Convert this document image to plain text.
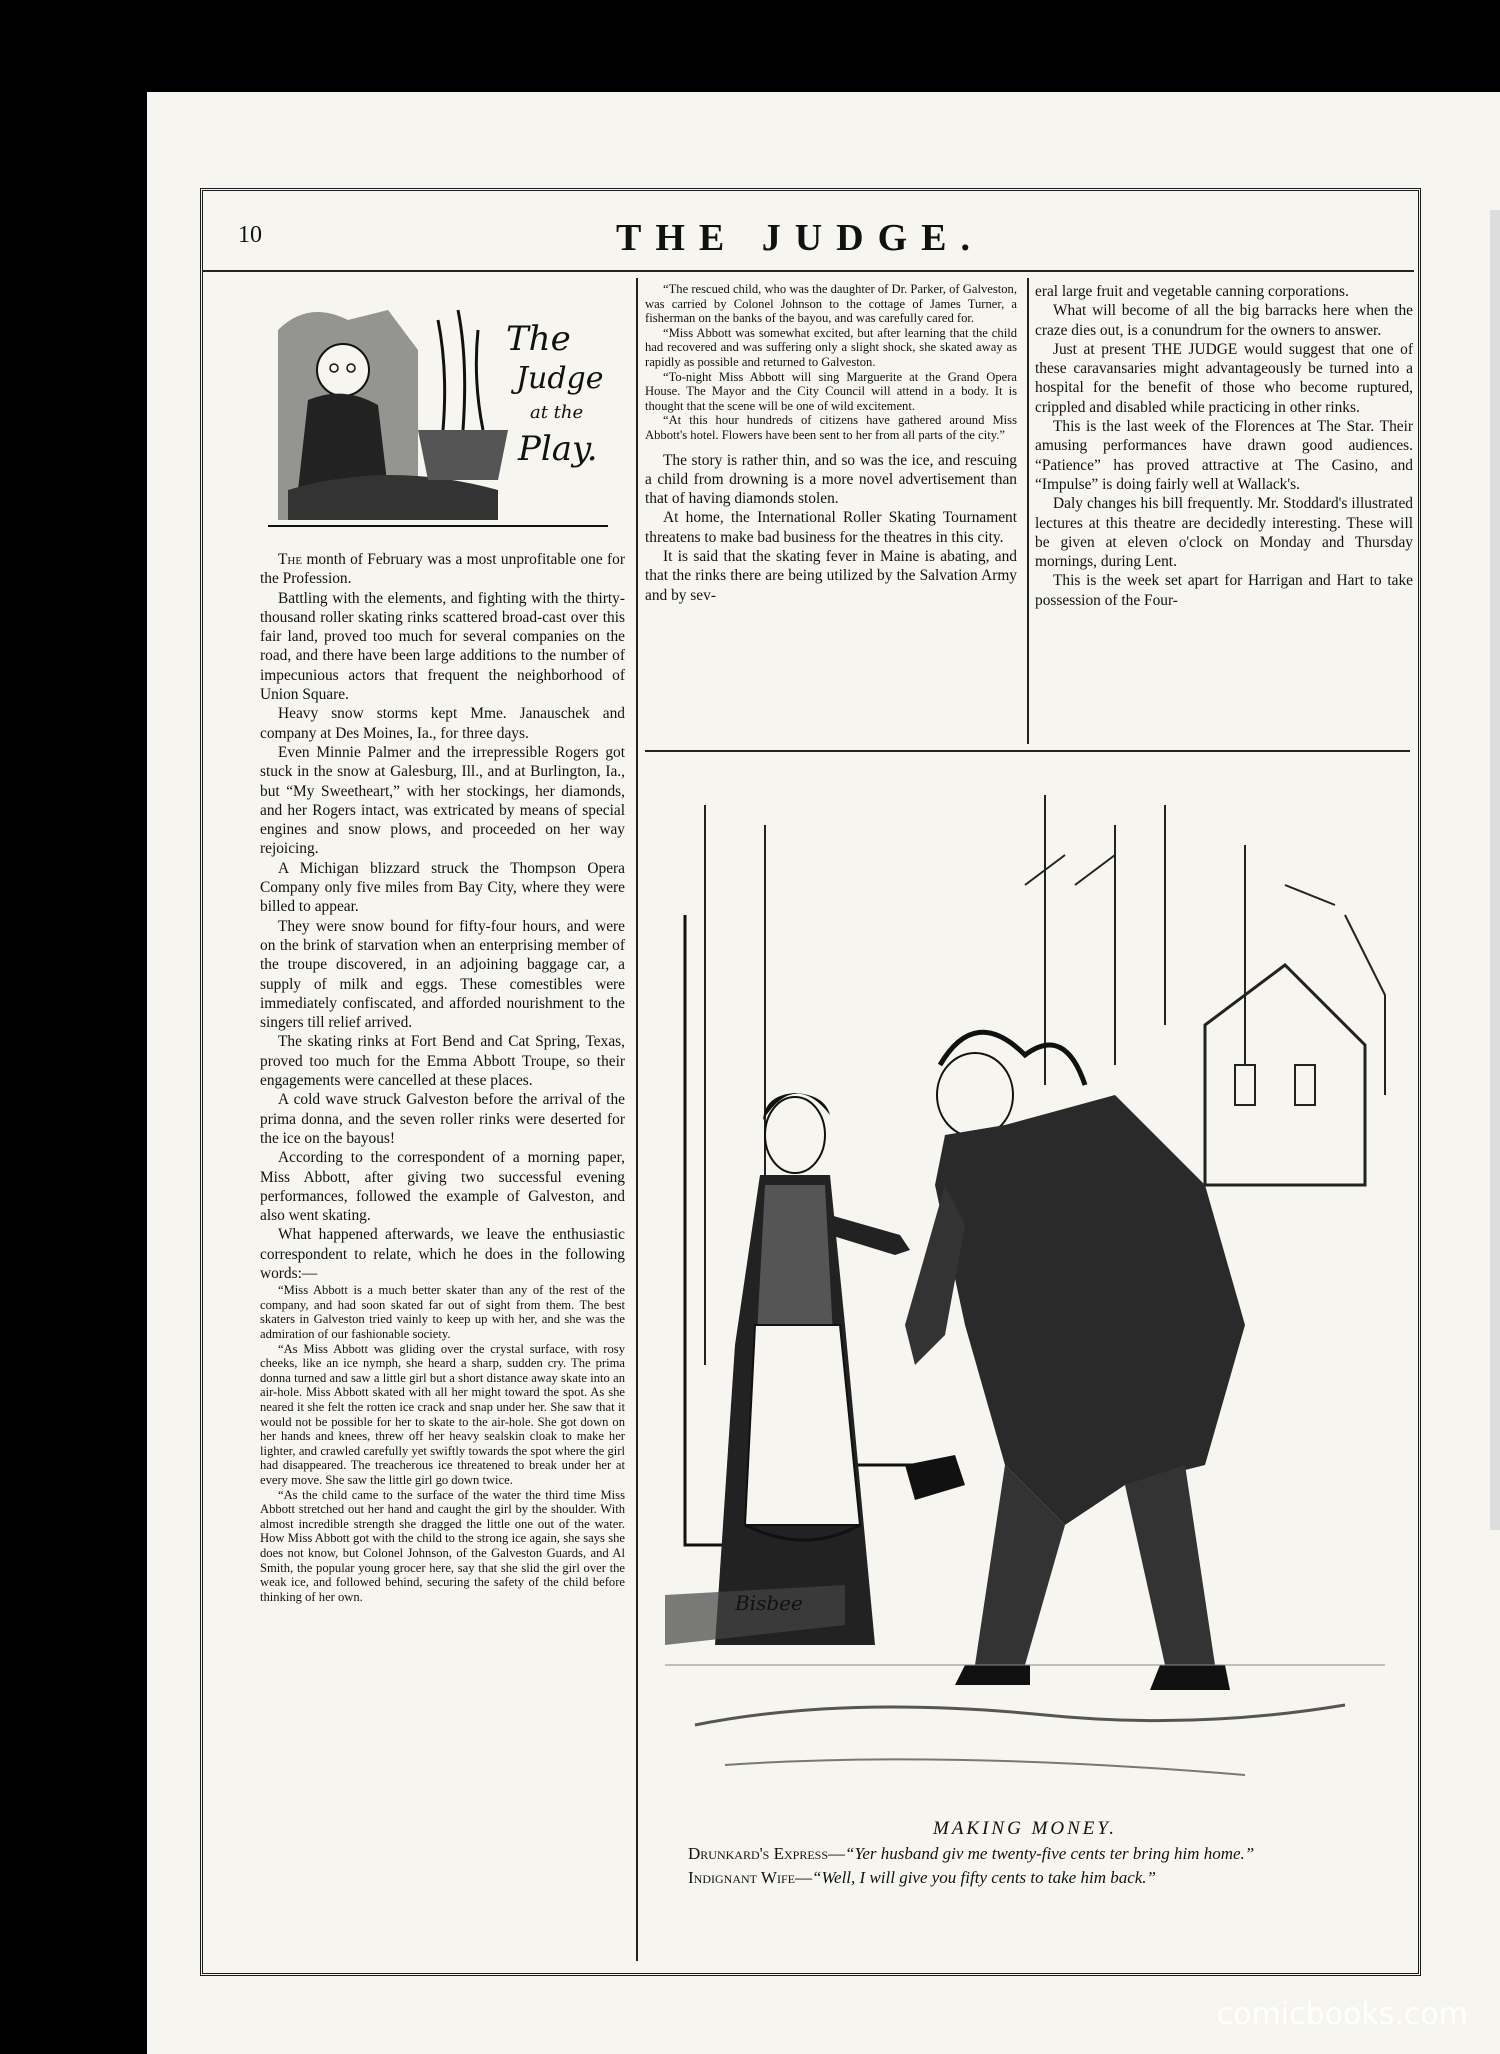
10	THE JUDGE.
The
Judge
at the
Play.

The month of February was a most unprofitable one for the Profession.

Battling with the elements, and fighting with the thirty-thousand roller skating rinks scattered broad-cast over this fair land, proved too much for several companies on the road, and there have been large additions to the number of impecunious actors that frequent the neighborhood of Union Square.

Heavy snow storms kept Mme. Janauschek and company at Des Moines, Ia., for three days.

Even Minnie Palmer and the irrepressible Rogers got stuck in the snow at Galesburg, Ill., and at Burlington, Ia., but “My Sweetheart,” with her stockings, her diamonds, and her Rogers intact, was extricated by means of special engines and snow plows, and proceeded on her way rejoicing.

A Michigan blizzard struck the Thompson Opera Company only five miles from Bay City, where they were billed to appear.

They were snow bound for fifty-four hours, and were on the brink of starvation when an enterprising member of the troupe discovered, in an adjoining baggage car, a supply of milk and eggs. These comestibles were immediately confiscated, and afforded nourishment to the singers till relief arrived.

The skating rinks at Fort Bend and Cat Spring, Texas, proved too much for the Emma Abbott Troupe, so their engagements were cancelled at these places.

A cold wave struck Galveston before the arrival of the prima donna, and the seven roller rinks were deserted for the ice on the bayous!

According to the correspondent of a morning paper, Miss Abbott, after giving two successful evening performances, followed the example of Galveston, and also went skating.

What happened afterwards, we leave the enthusiastic correspondent to relate, which he does in the following words:—

“Miss Abbott is a much better skater than any of the rest of the company, and had soon skated far out of sight from them. The best skaters in Galveston tried vainly to keep up with her, and she was the admiration of our fashionable society.

“As Miss Abbott was gliding over the crystal surface, with rosy cheeks, like an ice nymph, she heard a sharp, sudden cry. The prima donna turned and saw a little girl but a short distance away skate into an air-hole. Miss Abbott skated with all her might toward the spot. As she neared it she felt the rotten ice crack and snap under her. She saw that it would not be possible for her to skate to the air-hole. She got down on her hands and knees, threw off her heavy sealskin cloak to make her lighter, and crawled carefully yet swiftly towards the spot where the girl had disappeared. The treacherous ice threatened to break under her at every move. She saw the little girl go down twice.

“As the child came to the surface of the water the third time Miss Abbott stretched out her hand and caught the girl by the shoulder. With almost incredible strength she dragged the little one out of the water. How Miss Abbott got with the child to the strong ice again, she says she does not know, but Colonel Johnson, of the Galveston Guards, and Al Smith, the popular young grocer here, say that she slid the girl over the weak ice, and followed behind, securing the safety of the child before thinking of her own.

“The rescued child, who was the daughter of Dr. Parker, of Galveston, was carried by Colonel Johnson to the cottage of James Turner, a fisherman on the banks of the bayou, and was carefully cared for.

“Miss Abbott was somewhat excited, but after learning that the child had recovered and was suffering only a slight shock, she skated away as rapidly as possible and returned to Galveston.

“To-night Miss Abbott will sing Marguerite at the Grand Opera House. The Mayor and the City Council will attend in a body. It is thought that the scene will be one of wild excitement.

“At this hour hundreds of citizens have gathered around Miss Abbott's hotel. Flowers have been sent to her from all parts of the city.”

The story is rather thin, and so was the ice, and rescuing a child from drowning is a more novel advertisement than that of having diamonds stolen.

At home, the International Roller Skating Tournament threatens to make bad business for the theatres in this city.

It is said that the skating fever in Maine is abating, and that the rinks there are being utilized by the Salvation Army and by sev-

eral large fruit and vegetable canning corporations.

What will become of all the big barracks here when the craze dies out, is a conundrum for the owners to answer.

Just at present THE JUDGE would suggest that one of these caravansaries might advantageously be turned into a hospital for the benefit of those who become ruptured, crippled and disabled while practicing in other rinks.

This is the last week of the Florences at The Star. Their amusing performances have drawn good audiences. “Patience” has proved attractive at The Casino, and “Impulse” is doing fairly well at Wallack's.

Daly changes his bill frequently. Mr. Stoddard's illustrated lectures at this theatre are decidedly interesting. These will be given at eleven o'clock on Monday and Thursday mornings, during Lent.

This is the week set apart for Harrigan and Hart to take possession of the Four-

Bisbee
MAKING MONEY.
Drunkard's Express—“Yer husband giv me twenty-five cents ter bring him home.”
Indignant Wife—“Well, I will give you fifty cents to take him back.”
comicbooks.com
